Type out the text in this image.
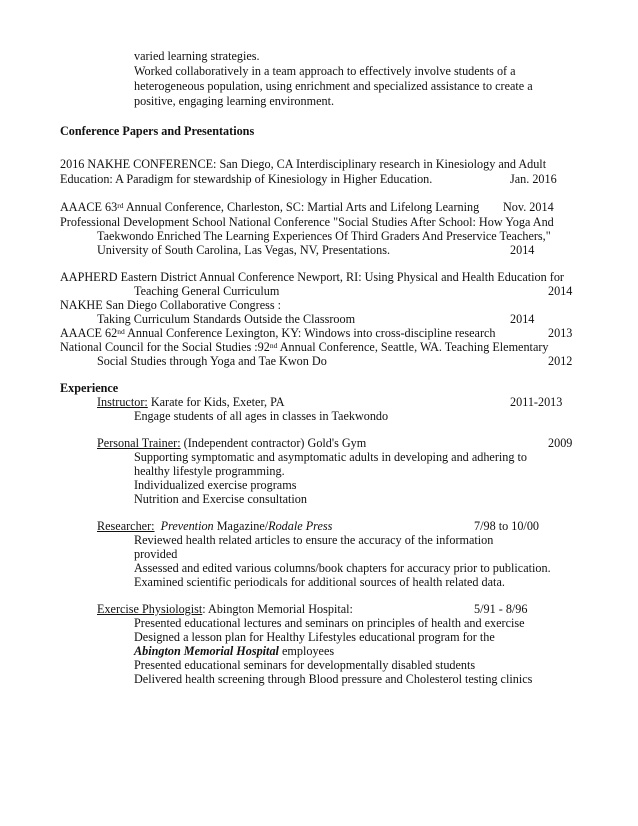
varied learning strategies.
Worked collaboratively in a team approach to effectively involve students of a
heterogeneous population, using enrichment and specialized assistance to create a
positive, engaging learning environment.
Conference Papers and Presentations
2016 NAKHE CONFERENCE: San Diego, CA Interdisciplinary research in Kinesiology and Adult
Education: A Paradigm for stewardship of Kinesiology in Higher Education.	Jan. 2016
AAACE 63rd Annual Conference, Charleston, SC: Martial Arts and Lifelong Learning Nov. 2014
Professional Development School National Conference "Social Studies After School: How Yoga And
Taekwondo Enriched The Learning Experiences Of Third Graders And Preservice Teachers,"
University of South Carolina, Las Vegas, NV, Presentations.	2014
AAPHERD Eastern District Annual Conference Newport, RI: Using Physical and Health Education for
Teaching General Curriculum	2014
NAKHE San Diego Collaborative Congress :
Taking Curriculum Standards Outside the Classroom	2014
AAACE 62nd Annual Conference Lexington, KY: Windows into cross-discipline research	2013
National Council for the Social Studies :92nd Annual Conference, Seattle, WA. Teaching Elementary
Social Studies through Yoga and Tae Kwon Do	2012
Experience
Instructor: Karate for Kids, Exeter, PA	2011-2013
Engage students of all ages in classes in Taekwondo
Personal Trainer: (Independent contractor) Gold's Gym	2009
Supporting symptomatic and asymptomatic adults in developing and adhering to
healthy lifestyle programming.
Individualized exercise programs
Nutrition and Exercise consultation
Researcher: Prevention Magazine/Rodale Press	7/98 to 10/00
Reviewed health related articles to ensure the accuracy of the information
provided
Assessed and edited various columns/book chapters for accuracy prior to publication.
Examined scientific periodicals for additional sources of health related data.
Exercise Physiologist: Abington Memorial Hospital:	5/91 - 8/96
Presented educational lectures and seminars on principles of health and exercise
Designed a lesson plan for Healthy Lifestyles educational program for the
Abington Memorial Hospital employees
Presented educational seminars for developmentally disabled students
Delivered health screening through Blood pressure and Cholesterol testing clinics
